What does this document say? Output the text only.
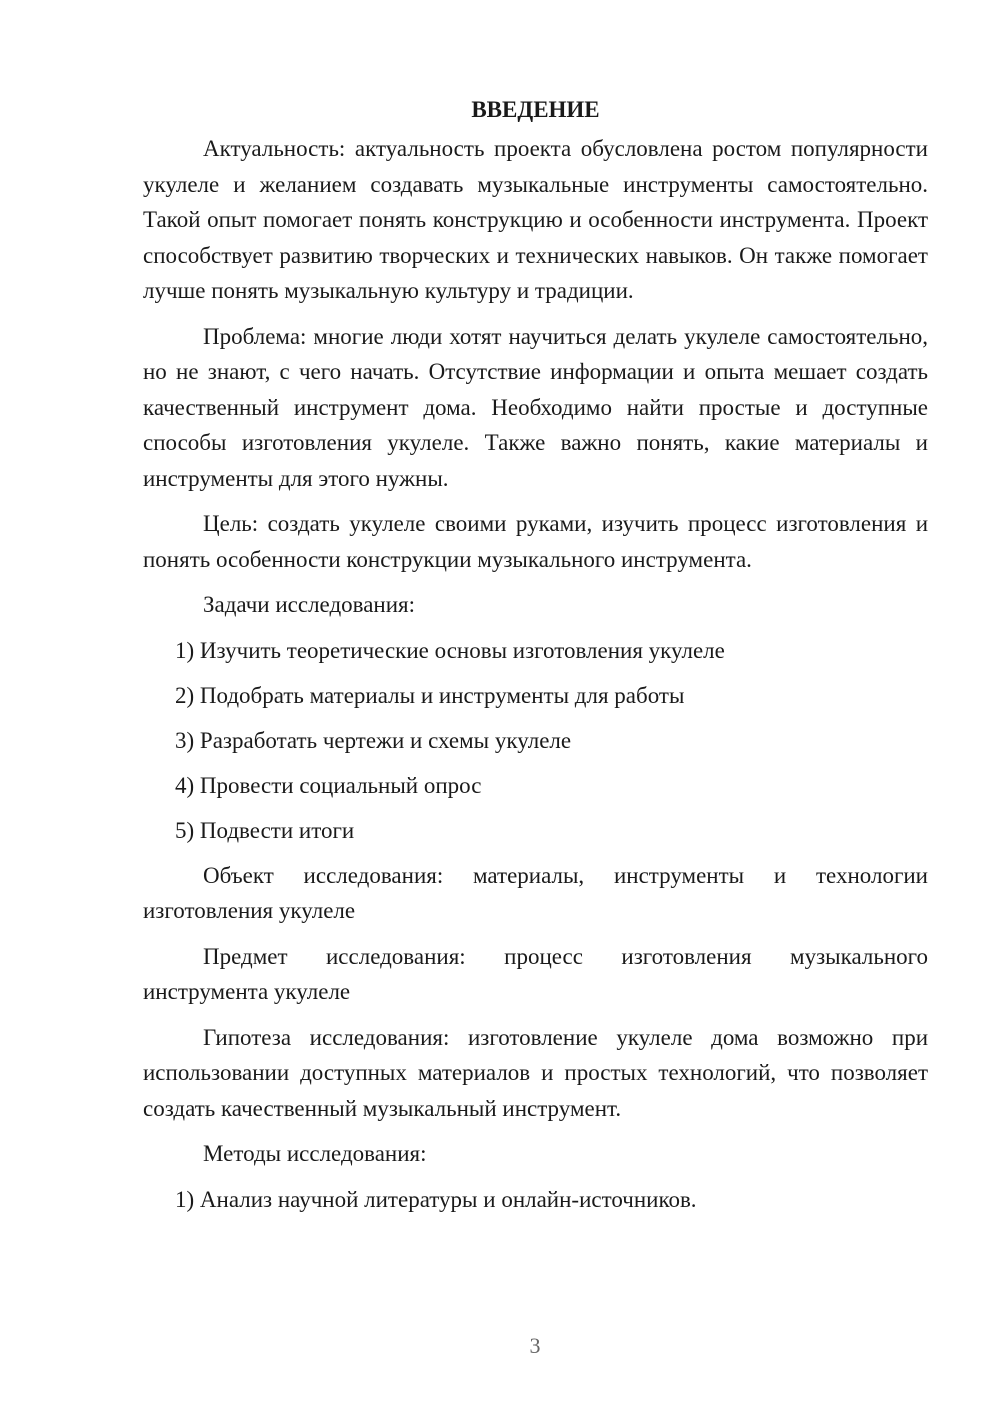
ВВЕДЕНИЕ

Актуальность: актуальность проекта обусловлена ростом популярности укулеле и желанием создавать музыкальные инструменты самостоятельно. Такой опыт помогает понять конструкцию и особенности инструмента. Проект способствует развитию творческих и технических навыков. Он также помогает лучше понять музыкальную культуру и традиции.

Проблема: многие люди хотят научиться делать укулеле самостоятельно, но не знают, с чего начать. Отсутствие информации и опыта мешает создать качественный инструмент дома. Необходимо найти простые и доступные способы изготовления укулеле. Также важно понять, какие материалы и инструменты для этого нужны.

Цель: создать укулеле своими руками, изучить процесс изготовления и понять особенности конструкции музыкального инструмента.

Задачи исследования:

1) Изучить теоретические основы изготовления укулеле
2) Подобрать материалы и инструменты для работы
3) Разработать чертежи и схемы укулеле
4) Провести социальный опрос
5) Подвести итоги

Объект исследования: материалы, инструменты и технологии изготовления укулеле

Предмет исследования: процесс изготовления музыкального инструмента укулеле

Гипотеза исследования: изготовление укулеле дома возможно при использовании доступных материалов и простых технологий, что позволяет создать качественный музыкальный инструмент.

Методы исследования:

1) Анализ научной литературы и онлайн-источников.
3
